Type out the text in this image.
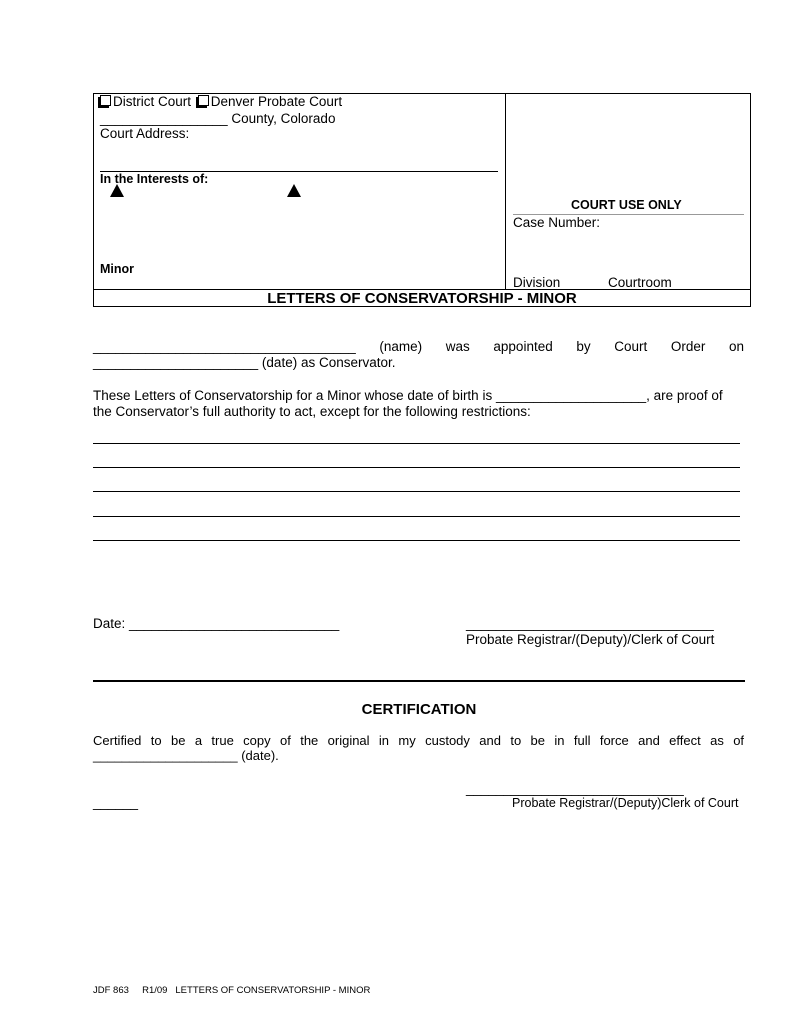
District Court Denver Probate Court
_________________ County, Colorado
Court Address:
In the Interests of:
Minor
COURT USE ONLY
Case Number:
Division	Courtroom
LETTERS OF CONSERVATORSHIP - MINOR
___________________________________ (name) was appointed by Court Order on
______________________ (date) as Conservator.
These Letters of Conservatorship for a Minor whose date of birth is ____________________, are proof of
the Conservator’s full authority to act, except for the following restrictions:
Date: ____________________________	_________________________________
Probate Registrar/(Deputy)/Clerk of Court
CERTIFICATION
Certified to be a true copy of the original in my custody and to be in full force and effect as of
____________________ (date).
_____________________________
Probate Registrar/(Deputy)Clerk of Court
______
JDF 863 R1/09 LETTERS OF CONSERVATORSHIP - MINOR
